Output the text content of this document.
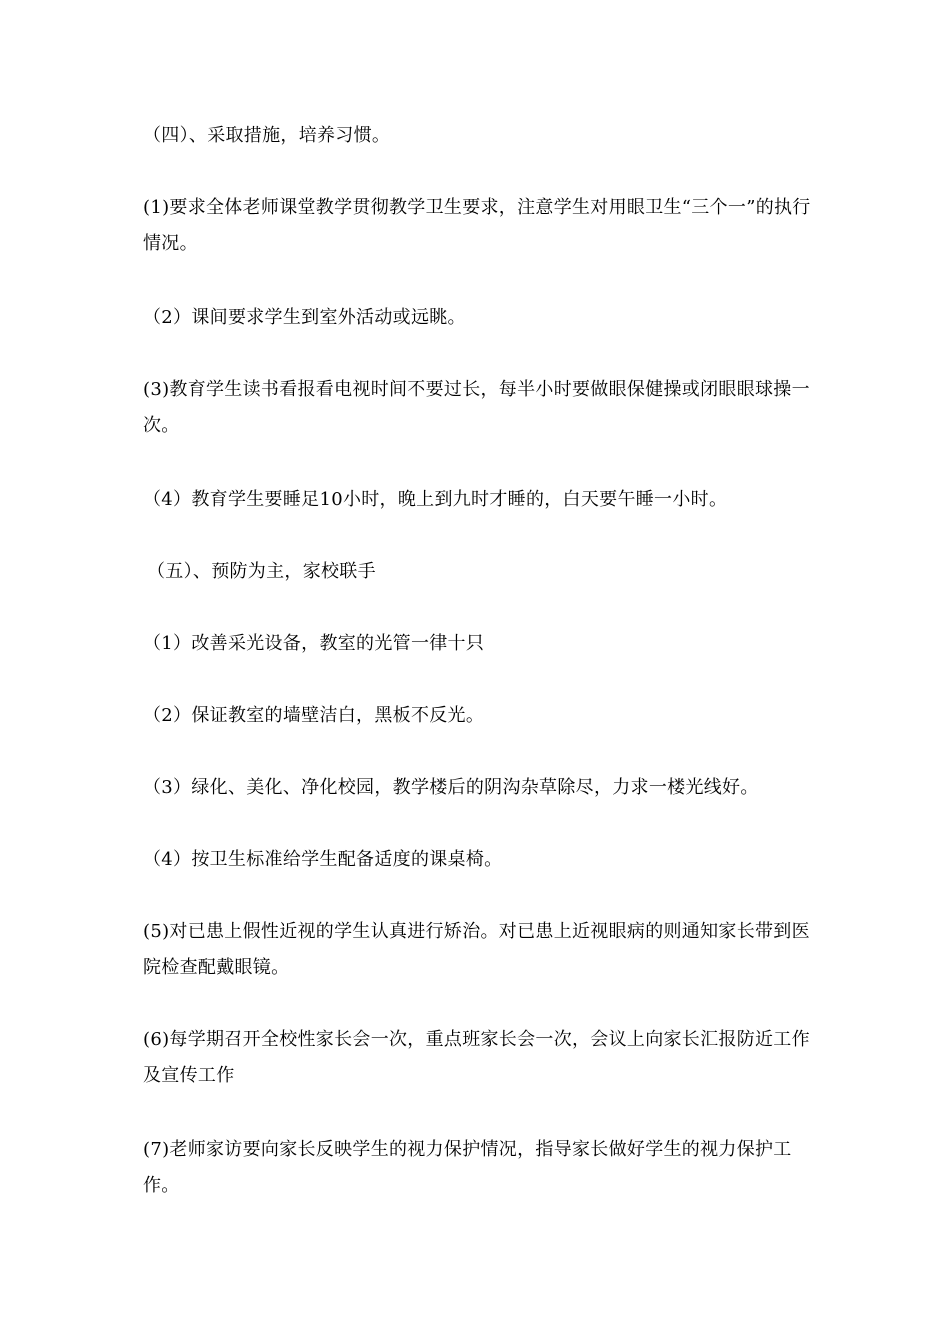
（四）、采取措施，培养习惯。
(1)要求全体老师课堂教学贯彻教学卫生要求，注意学生对用眼卫生“三个一”的执行情况。
（2）课间要求学生到室外活动或远眺。
(3)教育学生读书看报看电视时间不要过长，每半小时要做眼保健操或闭眼眼球操一次。
（4）教育学生要睡足10小时，晚上到九时才睡的，白天要午睡一小时。
（五）、预防为主，家校联手
（1）改善采光设备，教室的光管一律十只
（2）保证教室的墙壁洁白，黑板不反光。
（3）绿化、美化、净化校园，教学楼后的阴沟杂草除尽，力求一楼光线好。
（4）按卫生标准给学生配备适度的课桌椅。
(5)对已患上假性近视的学生认真进行矫治。对已患上近视眼病的则通知家长带到医院检查配戴眼镜。
(6)每学期召开全校性家长会一次，重点班家长会一次，会议上向家长汇报防近工作及宣传工作
(7)老师家访要向家长反映学生的视力保护情况，指导家长做好学生的视力保护工作。
